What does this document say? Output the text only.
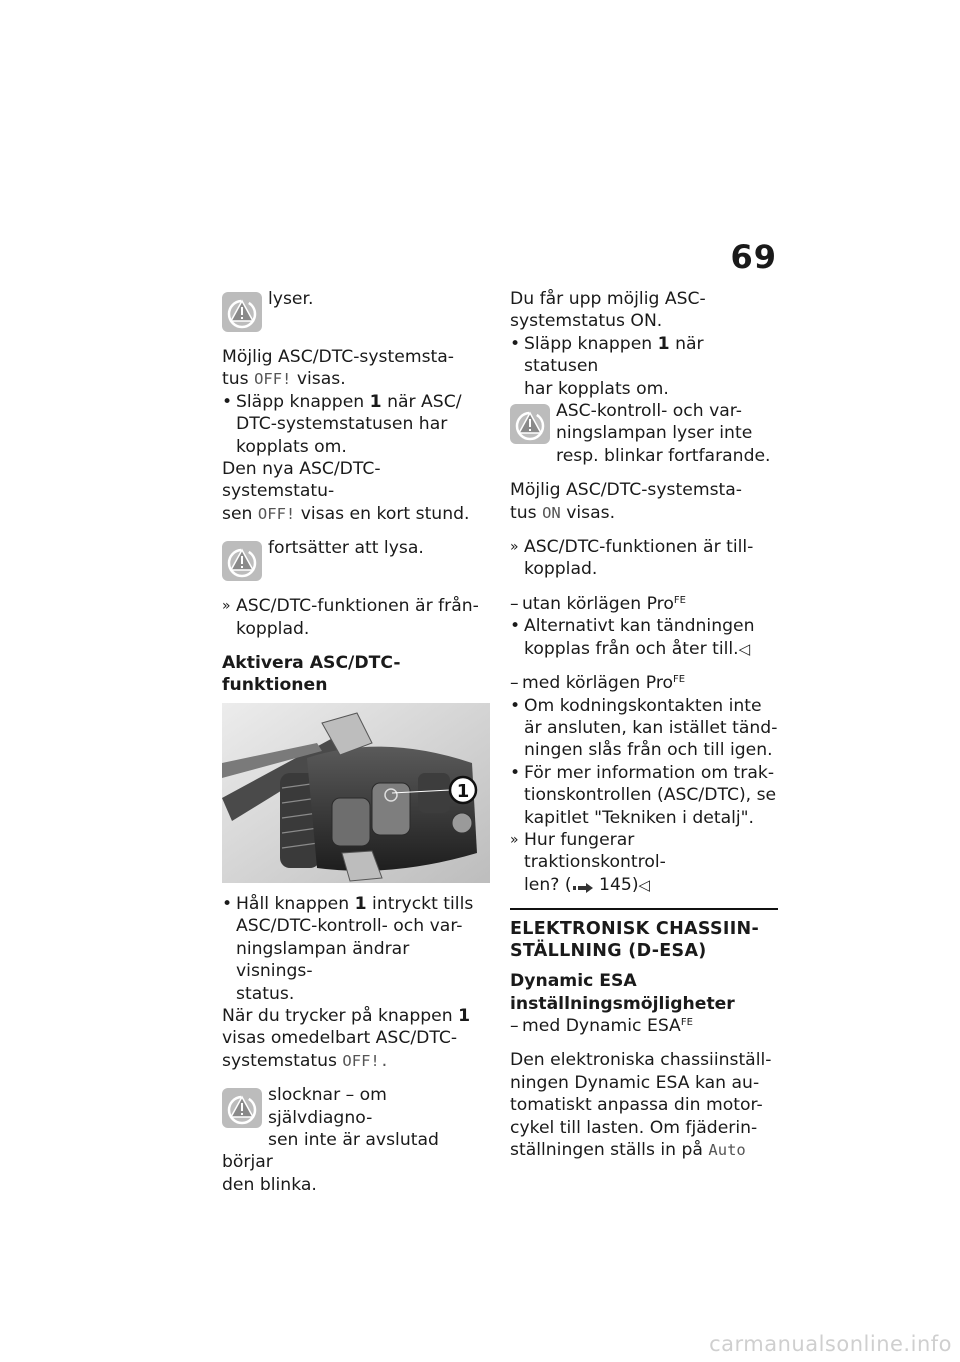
69
lyser.

Möjlig ASC/DTC-systemsta-
tus OFF! visas.

• Släpp knappen 1 när ASC/
DTC-systemstatusen har
kopplats om.

Den nya ASC/DTC-systemstatu-
sen OFF! visas en kort stund.

fortsätter att lysa.

» ASC/DTC-funktionen är från-
kopplad.

Aktivera ASC/DTC-funktionen

1

• Håll knappen 1 intryckt tills
ASC/DTC-kontroll- och var-
ningslampan ändrar visnings-
status.

När du trycker på knappen 1
visas omedelbart ASC/DTC-
systemstatus OFF!.

slocknar – om självdiagno-
sen inte är avslutad börjar
den blinka.

Du får upp möjlig ASC-
systemstatus ON.

• Släpp knappen 1 när statusen
har kopplats om.

ASC-kontroll- och var-
ningslampan lyser inte
resp. blinkar fortfarande.

Möjlig ASC/DTC-systemsta-
tus ON visas.

» ASC/DTC-funktionen är till-
kopplad.

– utan körlägen Pro$^{FE}$

• Alternativt kan tändningen
kopplas från och åter till.◁

– med körlägen Pro$^{FE}$

• Om kodningskontakten inte
är ansluten, kan istället tänd-
ningen slås från och till igen.

• För mer information om trak-
tionskontrollen (ASC/DTC), se
kapitlet "Tekniken i detalj".

» Hur fungerar traktionskontrol-
len? ( 145)◁

ELEKTRONISK CHASSIIN-
STÄLLNING (D-ESA)

Dynamic ESA
inställningsmöjligheter

– med Dynamic $ESA^{FE}$

Den elektroniska chassiinställ-
ningen Dynamic ESA kan au-
tomatiskt anpassa din motor-
cykel till lasten. Om fjäderin-
ställningen ställs in på Auto

carmanualsonline.info
